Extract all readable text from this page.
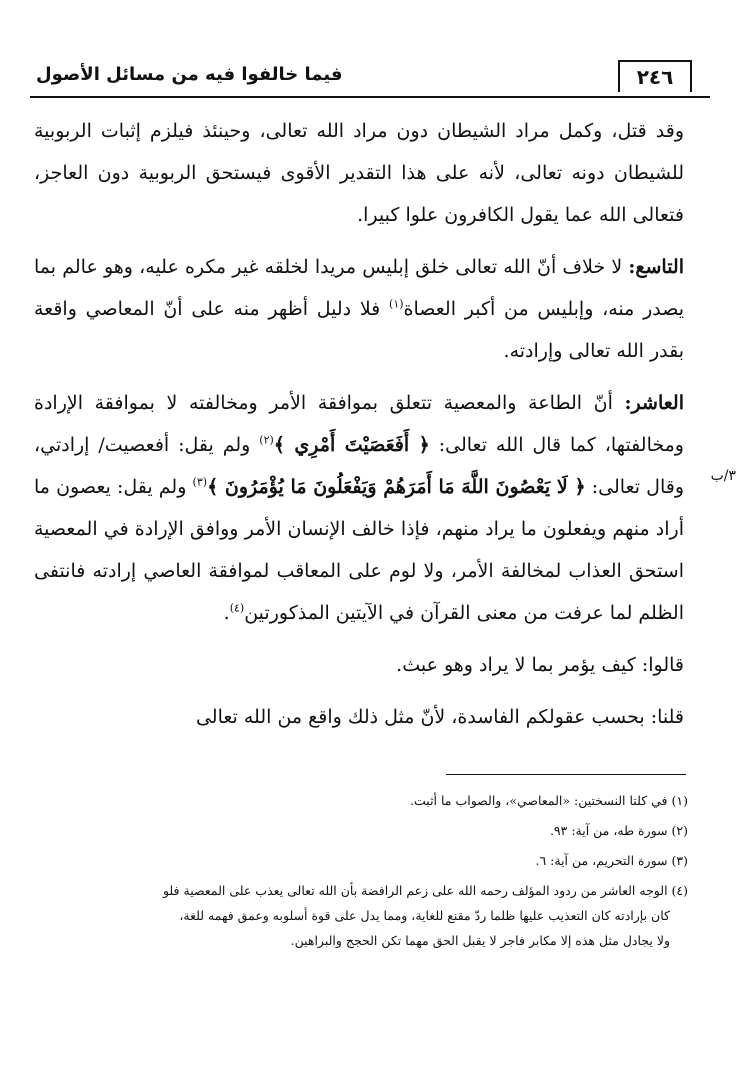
٢٤٦
فيما خالفوا فيه من مسائل الأصول
٣/ب

وقد قتل، وكمل مراد الشيطان دون مراد الله تعالى، وحينئذ فيلزم إثبات الربوبية للشيطان دونه تعالى، لأنه على هذا التقدير الأقوى فيستحق الربوبية دون العاجز، فتعالى الله عما يقول الكافرون علوا كبيرا.

التاسع: لا خلاف أنّ الله تعالى خلق إبليس مريدا لخلقه غير مكره عليه، وهو عالم بما يصدر منه، وإبليس من أكبر العصاة$^{(١)}$ فلا دليل أظهر منه على أنّ المعاصي واقعة بقدر الله تعالى وإرادته.

العاشر: أنّ الطاعة والمعصية تتعلق بموافقة الأمر ومخالفته لا بموافقة الإرادة ومخالفتها، كما قال الله تعالى: ﴿ أَفَعَصَيْتَ أَمْرِي ﴾$^{(٢)}$ ولم يقل: أفعصيت/ إرادتي، وقال تعالى: ﴿ لَا يَعْصُونَ اللَّهَ مَا أَمَرَهُمْ وَيَفْعَلُونَ مَا يُؤْمَرُونَ ﴾$^{(٣)}$ ولم يقل: يعصون ما أراد منهم ويفعلون ما يراد منهم، فإذا خالف الإنسان الأمر ووافق الإرادة في المعصية استحق العذاب لمخالفة الأمر، ولا لوم على المعاقب لموافقة العاصي إرادته فانتفى الظلم لما عرفت من معنى القرآن في الآيتين المذكورتين$^{(٤)}$.

قالوا: كيف يؤمر بما لا يراد وهو عبث.

قلنا: بحسب عقولكم الفاسدة، لأنّ مثل ذلك واقع من الله تعالى

(١) في كلتا النسختين: «المعاصي»، والصواب ما أثبت.

(٢) سورة طه، من آية: ٩٣.

(٣) سورة التحريم، من آية: ٦.

(٤) الوجه العاشر من ردود المؤلف رحمه الله على زعم الرافضة بأن الله تعالى يعذب على المعصية فلو

كان بإرادته كان التعذيب عليها ظلما ردّ مقنع للغاية، ومما يدل على قوة أسلوبه وعمق فهمه للغة،

ولا يجادل مثل هذه إلا مكابر فاجر لا يقبل الحق مهما تكن الحجج والبراهين.
